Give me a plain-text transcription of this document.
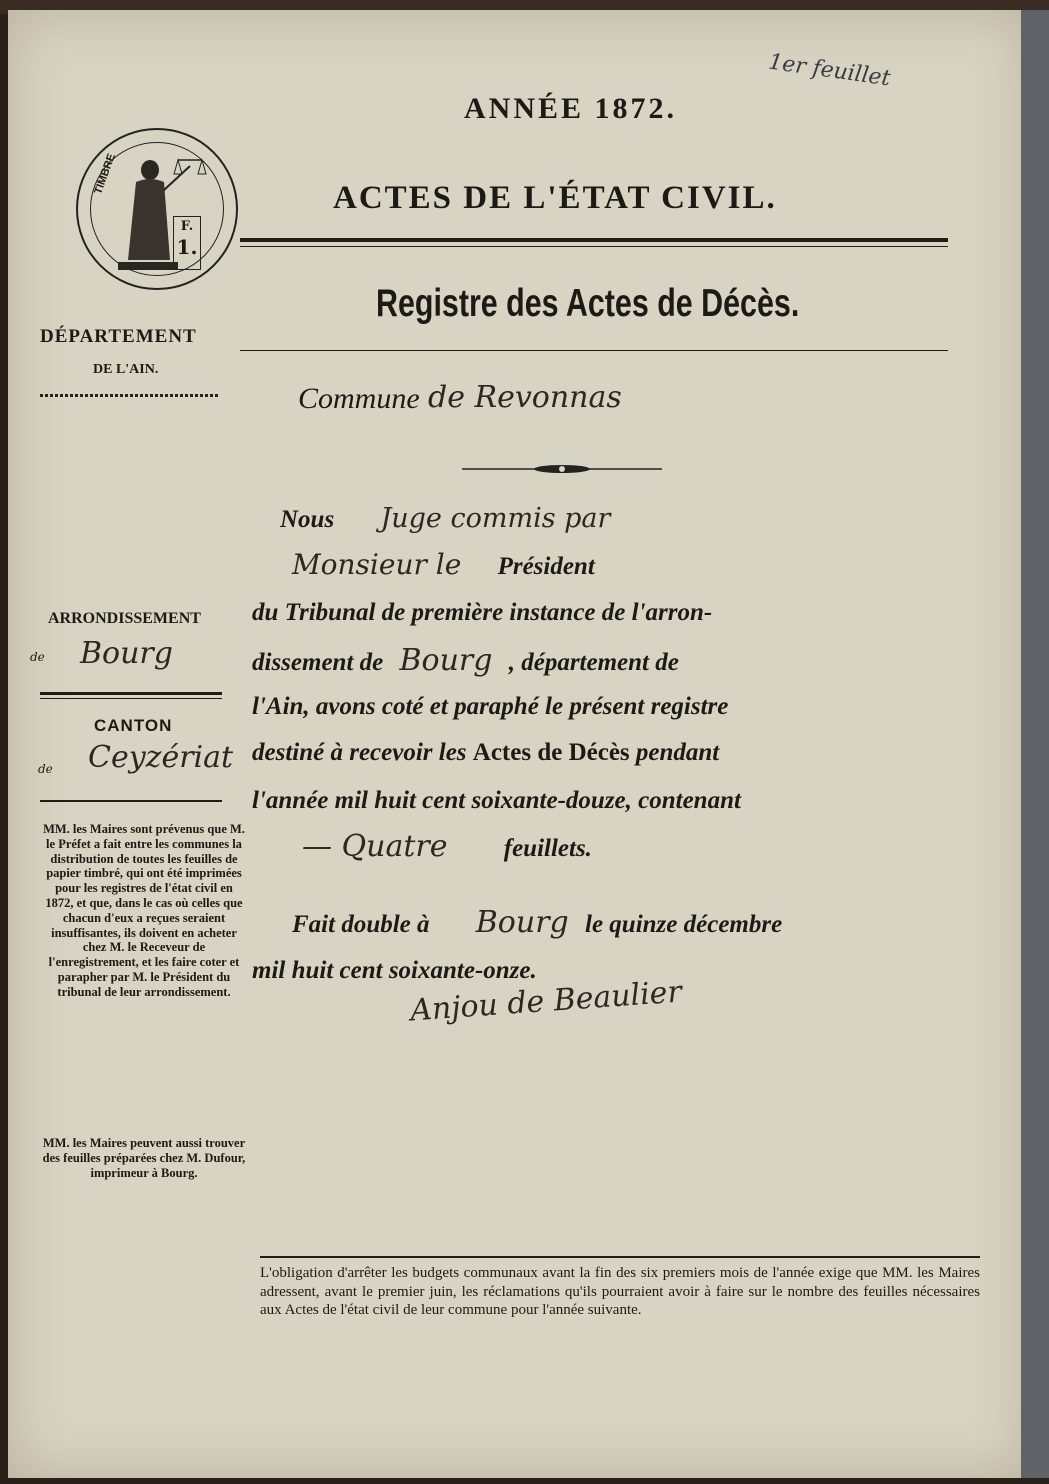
1er feuillet
ANNÉE 1872.
ACTES DE L'ÉTAT CIVIL.
Registre des Actes de Décès.
TIMBRE
F.
1.
DÉPARTEMENT
DE L'AIN.
ARRONDISSEMENT
de Bourg
CANTON
de Ceyzériat
MM. les Maires sont prévenus que M. le Préfet a fait entre les communes la distribution de toutes les feuilles de papier timbré, qui ont été imprimées pour les registres de l'état civil en 1872, et que, dans le cas où celles que chacun d'eux a reçues seraient insuffisantes, ils doivent en acheter chez M. le Receveur de l'enregistrement, et les faire coter et parapher par M. le Président du tribunal de leur arrondissement.
MM. les Maires peuvent aussi trouver des feuilles préparées chez M. Dufour, imprimeur à Bourg.
Commune de Revonnas
Nous Juge commis par
Monsieur le Président
du Tribunal de première instance de l'arron-
dissement de Bourg , département de
l'Ain, avons coté et paraphé le présent registre
destiné à recevoir les Actes de Décès pendant
l'année mil huit cent soixante-douze, contenant
— Quatre feuillets.
Fait double à Bourg le quinze décembre
mil huit cent soixante-onze.
Anjou de Beaulier
L'obligation d'arrêter les budgets communaux avant la fin des six premiers mois de l'année exige que MM. les Maires adressent, avant le premier juin, les réclamations qu'ils pourraient avoir à faire sur le nombre des feuilles nécessaires aux Actes de l'état civil de leur commune pour l'année suivante.
